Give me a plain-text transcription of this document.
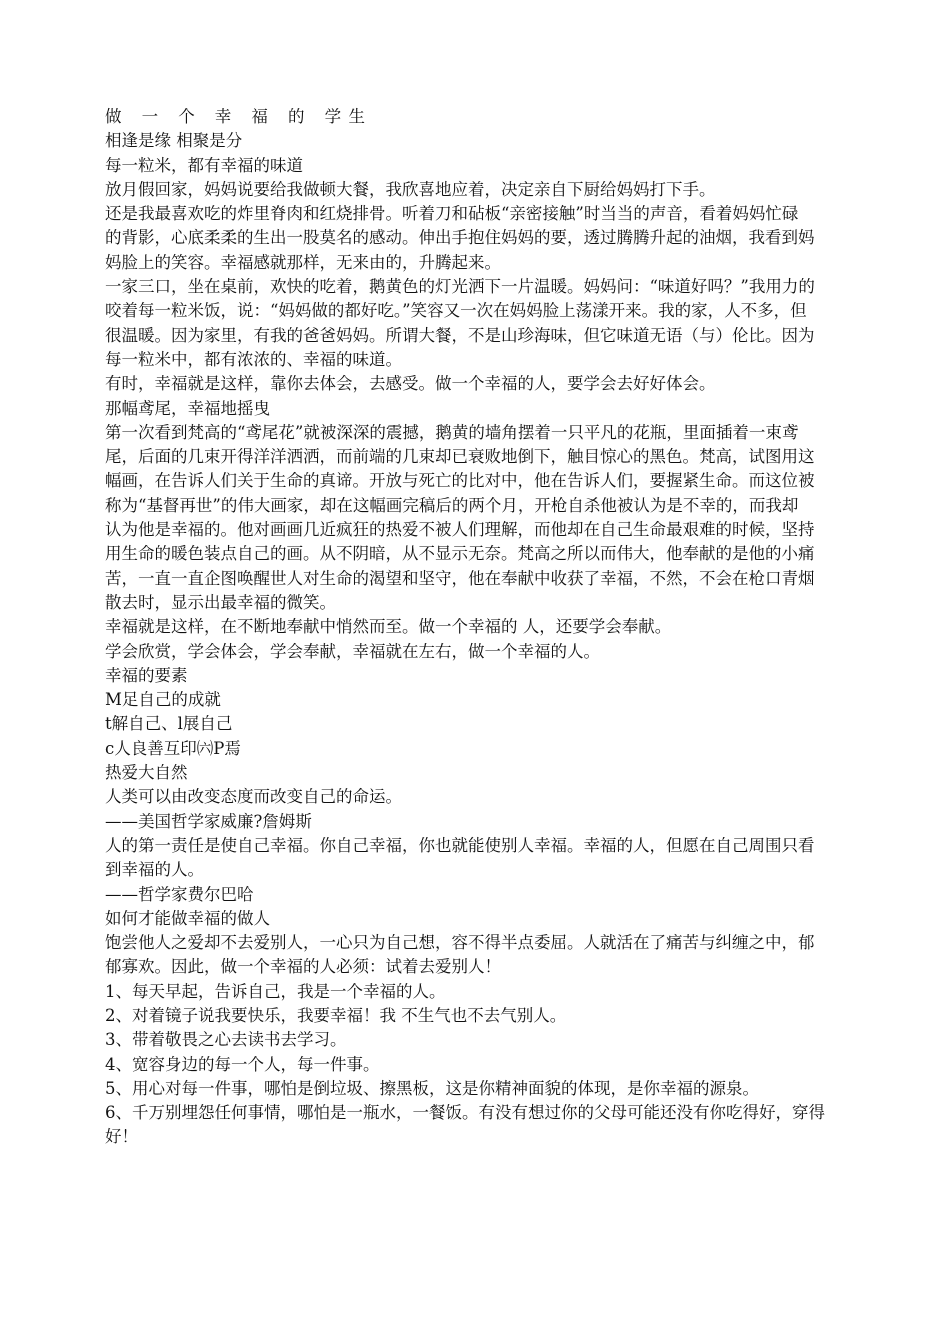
做 一 个 幸 福 的 学生
相逢是缘 相聚是分
每一粒米，都有幸福的味道
放月假回家，妈妈说要给我做顿大餐，我欣喜地应着，决定亲自下厨给妈妈打下手。
还是我最喜欢吃的炸里脊肉和红烧排骨。听着刀和砧板“亲密接触”时当当的声音，看着妈妈忙碌
的背影，心底柔柔的生出一股莫名的感动。伸出手抱住妈妈的要，透过腾腾升起的油烟，我看到妈
妈脸上的笑容。幸福感就那样，无来由的，升腾起来。
一家三口，坐在桌前，欢快的吃着，鹅黄色的灯光洒下一片温暖。妈妈问：“味道好吗？”我用力的
咬着每一粒米饭，说：“妈妈做的都好吃。”笑容又一次在妈妈脸上荡漾开来。我的家，人不多，但
很温暖。因为家里，有我的爸爸妈妈。所谓大餐，不是山珍海味，但它味道无语（与）伦比。因为
每一粒米中，都有浓浓的、幸福的味道。
有时，幸福就是这样，靠你去体会，去感受。做一个幸福的人，要学会去好好体会。
那幅鸢尾，幸福地摇曳
第一次看到梵高的“鸢尾花”就被深深的震撼，鹅黄的墙角摆着一只平凡的花瓶，里面插着一束鸢
尾，后面的几束开得洋洋洒洒，而前端的几束却已衰败地倒下，触目惊心的黑色。梵高，试图用这
幅画，在告诉人们关于生命的真谛。开放与死亡的比对中，他在告诉人们，要握紧生命。而这位被
称为“基督再世”的伟大画家，却在这幅画完稿后的两个月，开枪自杀他被认为是不幸的，而我却
认为他是幸福的。他对画画几近疯狂的热爱不被人们理解，而他却在自己生命最艰难的时候，坚持
用生命的暖色装点自己的画。从不阴暗，从不显示无奈。梵高之所以而伟大，他奉献的是他的小痛
苦，一直一直企图唤醒世人对生命的渴望和坚守，他在奉献中收获了幸福，不然，不会在枪口青烟
散去时，显示出最幸福的微笑。
幸福就是这样，在不断地奉献中悄然而至。做一个幸福的 人，还要学会奉献。
学会欣赏，学会体会，学会奉献，幸福就在左右，做一个幸福的人。
幸福的要素
M足自己的成就
t解自己、l展自己
c人良善互印㈥P焉
热爱大自然
人类可以由改变态度而改变自己的命运。
——美国哲学家威廉?詹姆斯
人的第一责任是使自己幸福。你自己幸福，你也就能使别人幸福。幸福的人，但愿在自己周围只看
到幸福的人。
——哲学家费尔巴哈
如何才能做幸福的做人
饱尝他人之爱却不去爱别人，一心只为自己想，容不得半点委屈。人就活在了痛苦与纠缠之中，郁
郁寡欢。因此，做一个幸福的人必须：试着去爱别人！
1、每天早起，告诉自己，我是一个幸福的人。
2、对着镜子说我要快乐，我要幸福！我 不生气也不去气别人。
3、带着敬畏之心去读书去学习。
4、宽容身边的每一个人，每一件事。
5、用心对每一件事，哪怕是倒垃圾、擦黑板，这是你精神面貌的体现，是你幸福的源泉。
6、千万别埋怨任何事情，哪怕是一瓶水，一餐饭。有没有想过你的父母可能还没有你吃得好，穿得
好！
